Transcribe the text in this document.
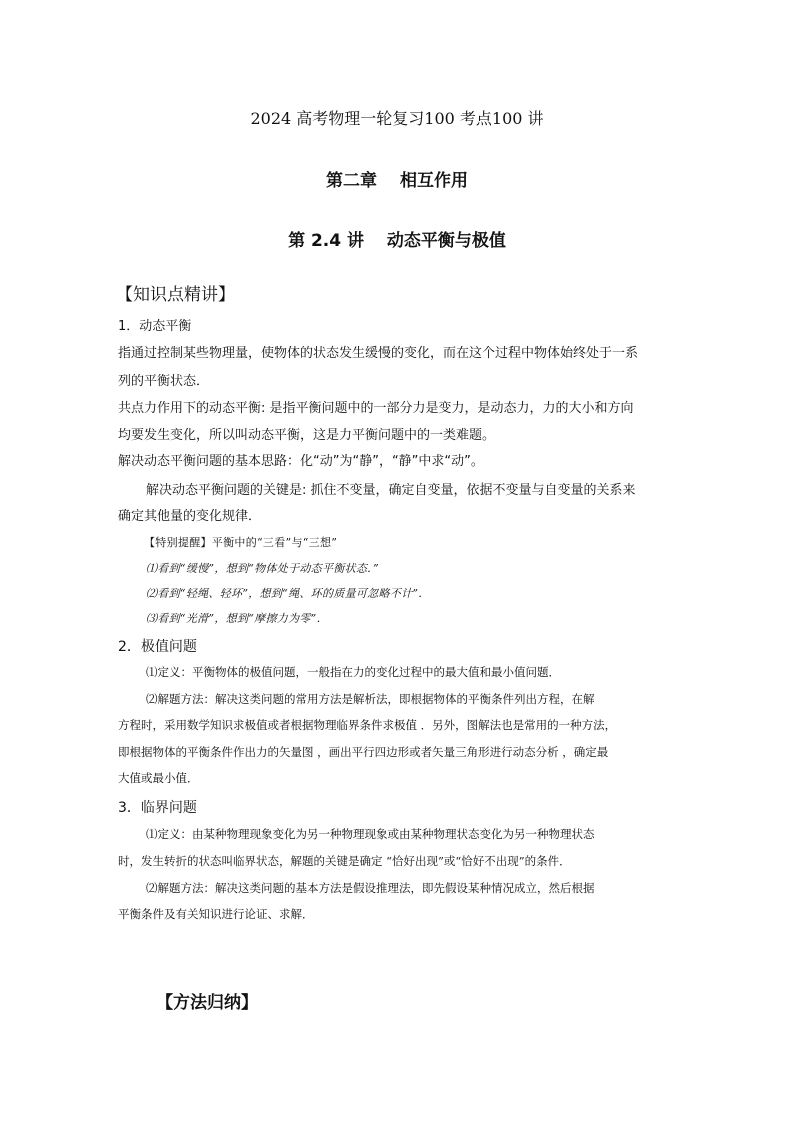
2024 高考物理一轮复习100 考点100 讲

第二章　 相互作用

第 2.4 讲　 动态平衡与极值

【知识点精讲】

1．动态平衡

指通过控制某些物理量，使物体的状态发生缓慢的变化，而在这个过程中物体始终处于一系

列的平衡状态．

共点力作用下的动态平衡: 是指平衡问题中的一部分力是变力，是动态力，力的大小和方向

均要发生变化，所以叫动态平衡，这是力平衡问题中的一类难题。

解决动态平衡问题的基本思路：化“动”为“静”，“静”中求“动”。

解决动态平衡问题的关键是: 抓住不变量，确定自变量，依据不变量与自变量的关系来

确定其他量的变化规律．

【特别提醒】平衡中的“三看”与“三想”

⑴看到“缓慢”，想到“物体处于动态平衡状态．”

⑵看到“轻绳、轻环”，想到“绳、环的质量可忽略不计”．

⑶看到“光滑”，想到“摩擦力为零”．

2．极值问题

⑴定义：平衡物体的极值问题，一般指在力的变化过程中的最大值和最小值问题．

⑵解题方法：解决这类问题的常用方法是解析法，即根据物体的平衡条件列出方程，在解

方程时，采用数学知识求极值或者根据物理临界条件求极值 ．另外，图解法也是常用的一种方法，

即根据物体的平衡条件作出力的矢量图 ，画出平行四边形或者矢量三角形进行动态分析 ，确定最

大值或最小值．

3．临界问题

⑴定义：由某种物理现象变化为另一种物理现象或由某种物理状态变化为另一种物理状态

时，发生转折的状态叫临界状态，解题的关键是确定 “恰好出现”或“恰好不出现”的条件．

⑵解题方法：解决这类问题的基本方法是假设推理法，即先假设某种情况成立，然后根据

平衡条件及有关知识进行论证、求解．

【方法归纳】
